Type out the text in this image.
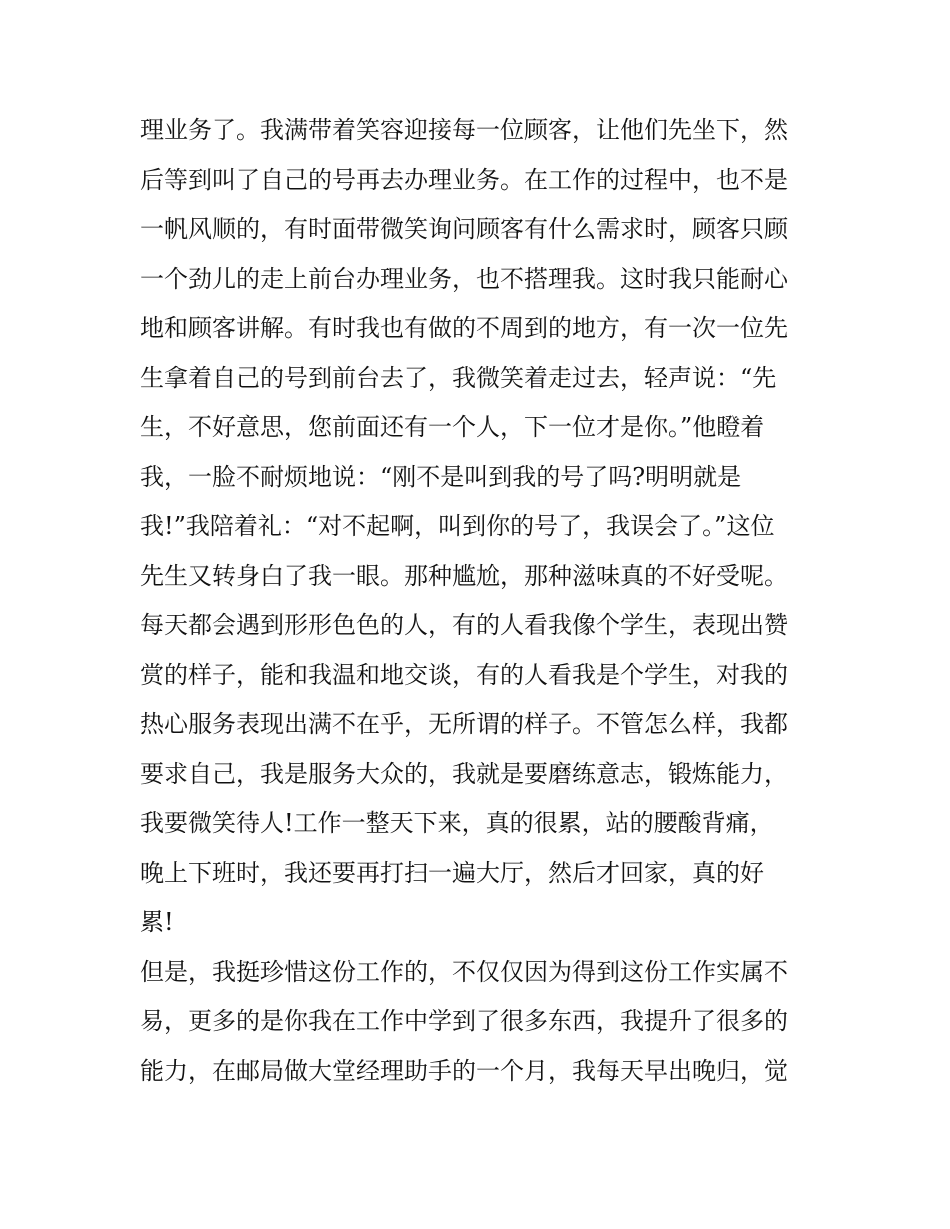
理业务了。我满带着笑容迎接每一位顾客，让他们先坐下，然
后等到叫了自己的号再去办理业务。在工作的过程中，也不是
一帆风顺的，有时面带微笑询问顾客有什么需求时，顾客只顾
一个劲儿的走上前台办理业务，也不搭理我。这时我只能耐心
地和顾客讲解。有时我也有做的不周到的地方，有一次一位先
生拿着自己的号到前台去了，我微笑着走过去，轻声说：“先
生，不好意思，您前面还有一个人，下一位才是你。”他瞪着
我，一脸不耐烦地说：“刚不是叫到我的号了吗?明明就是
我!”我陪着礼：“对不起啊，叫到你的号了，我误会了。”这位
先生又转身白了我一眼。那种尴尬，那种滋味真的不好受呢。
每天都会遇到形形色色的人，有的人看我像个学生，表现出赞
赏的样子，能和我温和地交谈，有的人看我是个学生，对我的
热心服务表现出满不在乎，无所谓的样子。不管怎么样，我都
要求自己，我是服务大众的，我就是要磨练意志，锻炼能力，
我要微笑待人!工作一整天下来，真的很累，站的腰酸背痛，
晚上下班时，我还要再打扫一遍大厅，然后才回家，真的好
累!
但是，我挺珍惜这份工作的，不仅仅因为得到这份工作实属不
易，更多的是你我在工作中学到了很多东西，我提升了很多的
能力，在邮局做大堂经理助手的一个月，我每天早出晚归，觉
